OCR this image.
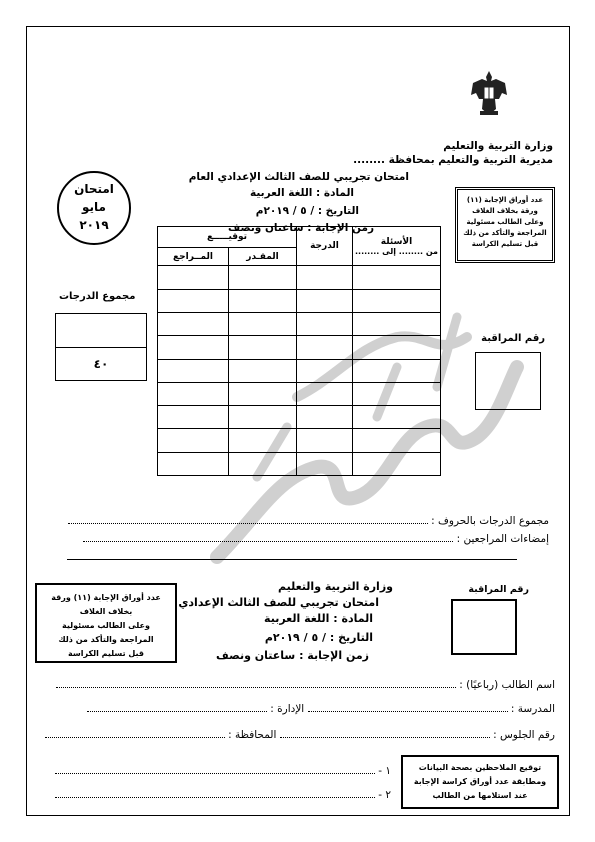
وزارة التربية والتعليم
مديرية التربية والتعليم بمحافظة ........
امتحان تجريبي للصف الثالث الإعدادي العام
المادة : اللغة العربية
التاريخ : / ٥ / ٢٠١٩م
زمن الإجابة : ساعتان ونصف
امتحان
مايو
٢٠١٩
عدد أوراق الإجابة (١١)
ورقة بخلاف الغلاف
وعلى الطالب مسئولية
المراجعة والتأكد من ذلك
قبل تسليم الكراسة
الأسئلة
من ........ إلى ........	الدرجة	توقيـــــع	
		المقـدر	المــراجع

مجموع الدرجات
٤٠
رقم المراقبة
مجموع الدرجات بالحروف :
إمضاءات المراجعين :
عدد أوراق الإجابة (١١) ورقة
بخلاف الغلاف
وعلى الطالب مسئولية
المراجعة والتأكد من ذلك
قبل تسليم الكراسة
وزارة التربية والتعليم
امتحان تجريبي للصف الثالث الإعدادي
المادة : اللغة العربية
التاريخ : / ٥ / ٢٠١٩م
زمن الإجابة : ساعتان ونصف
رقم المراقبة
اسم الطالب (رباعيًا) :
المدرسة :  الإدارة :
رقم الجلوس :  المحافظة :
توقيع الملاحظين بصحة البيانات
ومطابقة عدد أوراق كراسة الإجابة
عند استلامها من الطالب
١ -
٢ -
